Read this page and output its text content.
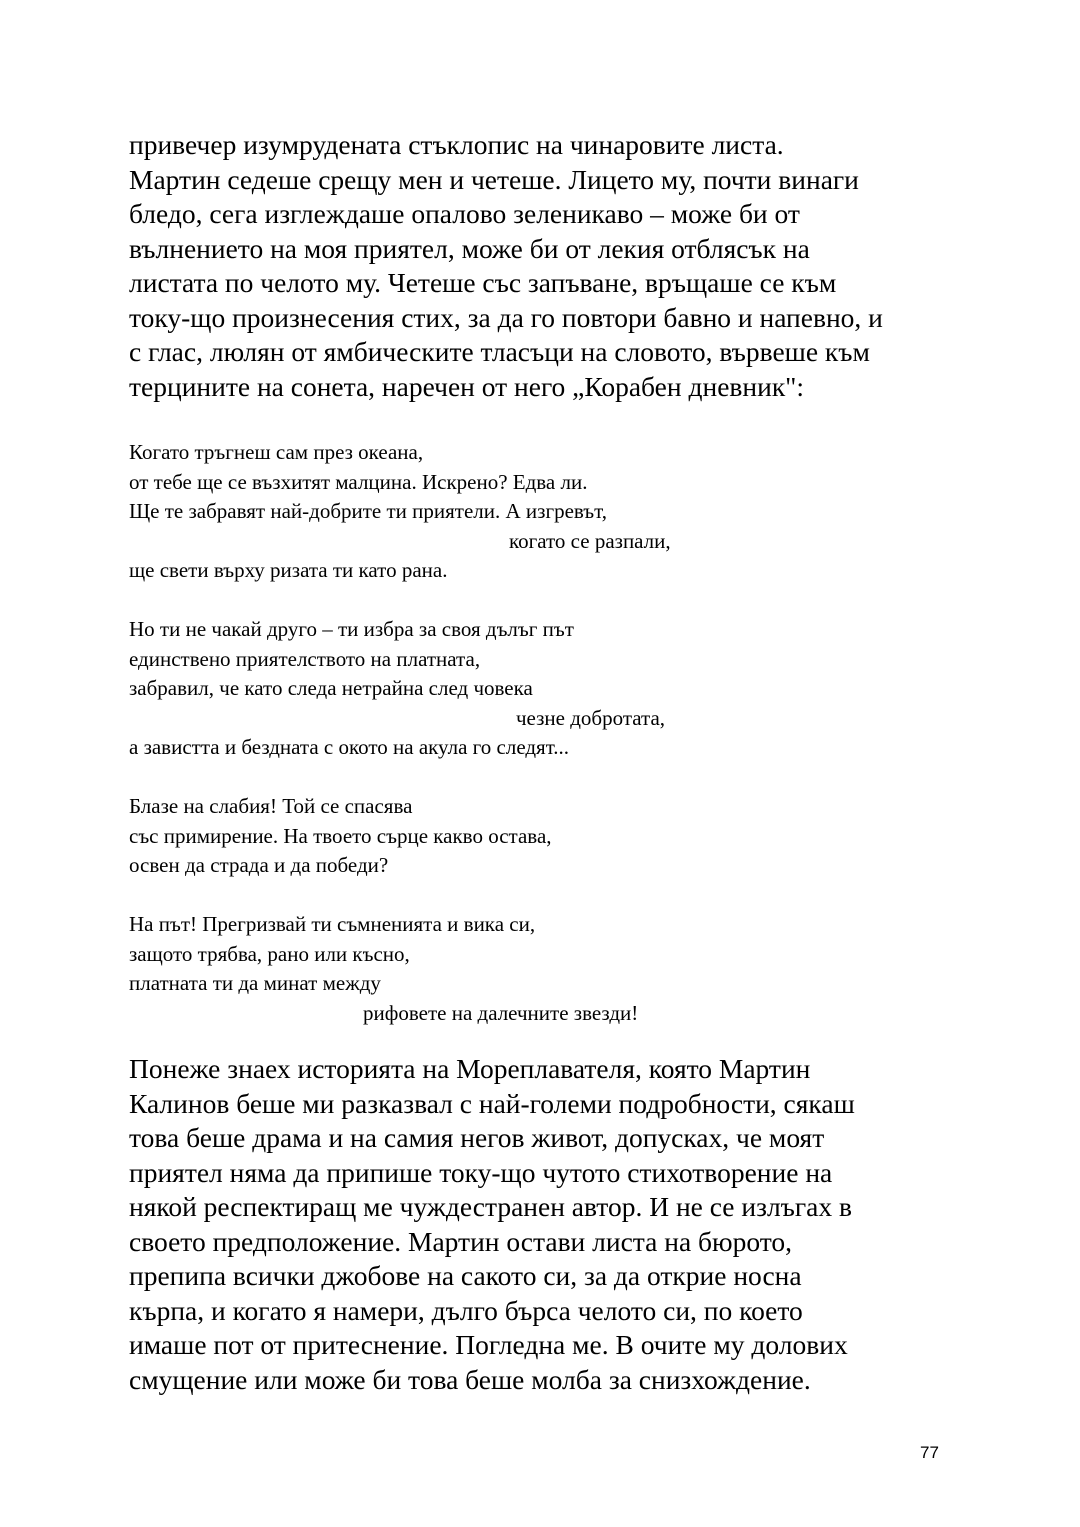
привечер изумрудената стъклопис на чинаровите листа.
Мартин седеше срещу мен и четеше. Лицето му, почти винаги
бледо, сега изглеждаше опалово зеленикаво – може би от
вълнението на моя приятел, може би от лекия отблясък на
листата по челото му. Четеше със запъване, връщаше се към
току-що произнесения стих, за да го повтори бавно и напевно, и
с глас, люлян от ямбическите тласъци на словото, вървеше към
терцините на сонета, наречен от него „Корабен дневник":
Когато тръгнеш сам през океана,
от тебе ще се възхитят малцина. Искрено? Едва ли.
Ще те забравят най-добрите ти приятели. А изгревът,
когато се разпали,
ще свети върху ризата ти като рана.
Но ти не чакай друго – ти избра за своя дълъг път
единствено приятелството на платната,
забравил, че като следа нетрайна след човека
чезне добротата,
а завистта и бездната с окото на акула го следят...
Блазе на слабия! Той се спасява
със примирение. На твоето сърце какво остава,
освен да страда и да победи?
На път! Прегризвай ти съмненията и вика си,
защото трябва, рано или късно,
платната ти да минат между
рифовете на далечните звезди!
Понеже знаех историята на Мореплавателя, която Мартин
Калинов беше ми разказвал с най-големи подробности, сякаш
това беше драма и на самия негов живот, допусках, че моят
приятел няма да припише току-що чутото стихотворение на
някой респектиращ ме чуждестранен автор. И не се излъгах в
своето предположение. Мартин остави листа на бюрото,
препипа всички джобове на сакото си, за да открие носна
кърпа, и когато я намери, дълго бърса челото си, по което
имаше пот от притеснение. Погледна ме. В очите му долових
смущение или може би това беше молба за снизхождение.
77
